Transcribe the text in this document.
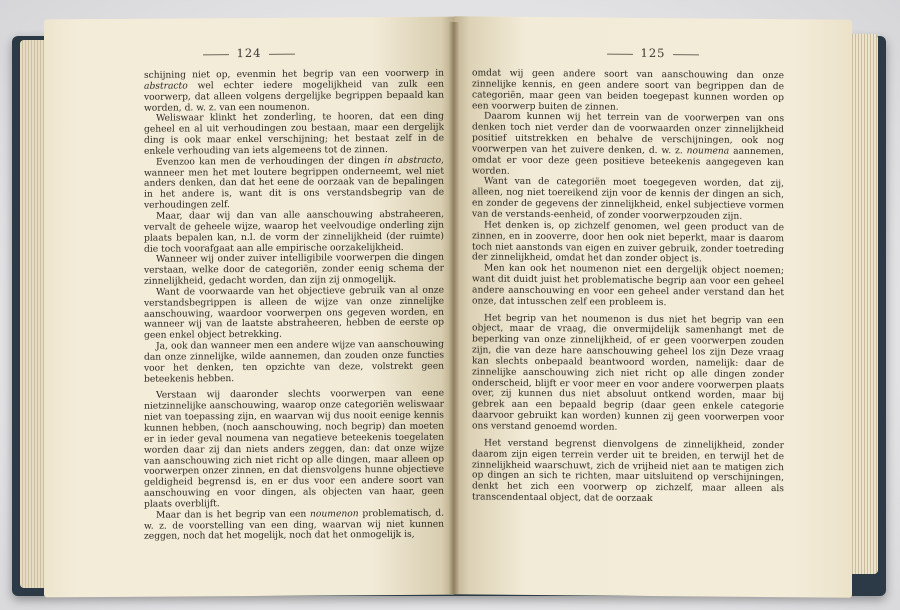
124

schijning niet op, evenmin het begrip van een voorwerp in abstracto wel echter iedere mogelijkheid van zulk een voorwerp, dat alleen volgens dergelijke begrippen bepaald kan worden, d. w. z. van een noumenon.

Weliswaar klinkt het zonderling, te hooren, dat een ding geheel en al uit verhoudingen zou bestaan, maar een dergelijk ding is ook maar enkel verschijning; het bestaat zelf in de enkele verhouding van iets algemeens tot de zinnen.

Evenzoo kan men de verhoudingen der dingen in abstracto, wanneer men het met loutere begrippen onderneemt, wel niet anders denken, dan dat het eene de oorzaak van de bepalingen in het andere is, want dit is ons verstandsbegrip van de verhoudingen zelf.

Maar, daar wij dan van alle aanschouwing abstraheeren, vervalt de geheele wijze, waarop het veelvoudige onderling zijn plaats bepalen kan, n.l. de vorm der zinnelijkheid (der ruimte) die toch voorafgaat aan alle empirische oorzakelijkheid.

Wanneer wij onder zuiver intelligibile voorwerpen die dingen verstaan, welke door de categoriën, zonder eenig schema der zinnelijkheid, gedacht worden, dan zijn zij onmogelijk.

Want de voorwaarde van het objectieve gebruik van al onze verstandsbegrippen is alleen de wijze van onze zinnelijke aanschouwing, waardoor voorwerpen ons gegeven worden, en wanneer wij van de laatste abstraheeren, hebben de eerste op geen enkel object betrekking.

Ja, ook dan wanneer men een andere wijze van aanschouwing dan onze zinnelijke, wilde aannemen, dan zouden onze functies voor het denken, ten opzichte van deze, volstrekt geen beteekenis hebben.

Verstaan wij daaronder slechts voorwerpen van eene nietzinnelijke aanschouwing, waarop onze categoriën weliswaar niet van toepassing zijn, en waarvan wij dus nooit eenige kennis kunnen hebben, (noch aanschouwing, noch begrip) dan moeten er in ieder geval noumena van negatieve beteekenis toegelaten worden daar zij dan niets anders zeggen, dan: dat onze wijze van aanschouwing zich niet richt op alle dingen, maar alleen op voorwerpen onzer zinnen, en dat diensvolgens hunne objectieve geldigheid begrensd is, en er dus voor een andere soort van aanschouwing en voor dingen, als objecten van haar, geen plaats overblijft.

Maar dan is het begrip van een noumenon problematisch, d. w. z. de voorstelling van een ding, waarvan wij niet kunnen zeggen, noch dat het mogelijk, noch dat het onmogelijk is,

125

omdat wij geen andere soort van aanschouwing dan onze zinnelijke kennis, en geen andere soort van begrippen dan de categoriën, maar geen van beiden toegepast kunnen worden op een voorwerp buiten de zinnen.

Daarom kunnen wij het terrein van de voorwerpen van ons denken toch niet verder dan de voorwaarden onzer zinnelijkheid positief uitstrekken en behalve de verschijningen, ook nog voorwerpen van het zuivere denken, d. w. z. noumena aannemen, omdat er voor deze geen positieve beteekenis aangegeven kan worden.

Want van de categoriën moet toegegeven worden, dat zij, alleen, nog niet toereikend zijn voor de kennis der dingen an sich, en zonder de gegevens der zinnelijkheid, enkel subjectieve vormen van de verstands-eenheid, of zonder voorwerpzouden zijn.

Het denken is, op zichzelf genomen, wel geen product van de zinnen, en in zooverre, door hen ook niet beperkt, maar is daarom toch niet aanstonds van eigen en zuiver gebruik, zonder toetreding der zinnelijkheid, omdat het dan zonder object is.

Men kan ook het noumenon niet een dergelijk object noemen; want dit duidt juist het problematische begrip aan voor een geheel andere aanschouwing en voor een geheel ander verstand dan het onze, dat intusschen zelf een probleem is.

Het begrip van het noumenon is dus niet het begrip van een object, maar de vraag, die onvermijdelijk samenhangt met de beperking van onze zinnelijkheid, of er geen voorwerpen zouden zijn, die van deze hare aanschouwing geheel los zijn Deze vraag kan slechts onbepaald beantwoord worden, namelijk: daar de zinnelijke aanschouwing zich niet richt op alle dingen zonder onderscheid, blijft er voor meer en voor andere voorwerpen plaats over, zij kunnen dus niet absoluut ontkend worden, maar bij gebrek aan een bepaald begrip (daar geen enkele categorie daarvoor gebruikt kan worden) kunnen zij geen voorwerpen voor ons verstand genoemd worden.

Het verstand begrenst dienvolgens de zinnelijkheid, zonder daarom zijn eigen terrein verder uit te breiden, en terwijl het de zinnelijkheid waarschuwt, zich de vrijheid niet aan te matigen zich op dingen an sich te richten, maar uitsluitend op verschijningen, denkt het zich een voorwerp op zichzelf, maar alleen als transcendentaal object, dat de oorzaak
